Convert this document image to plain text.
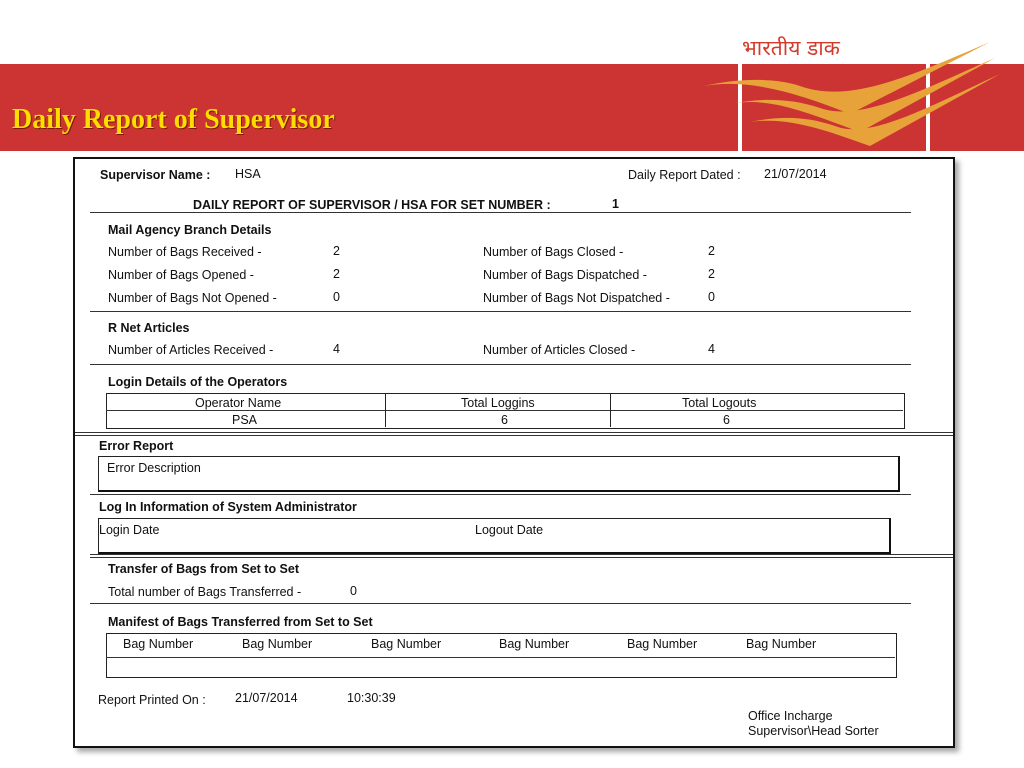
Daily Report of Supervisor
भारतीय डाक
Supervisor Name : HSA	Daily Report Dated : 21/07/2014
DAILY REPORT OF SUPERVISOR / HSA FOR SET NUMBER :	1
Mail Agency Branch Details
Number of Bags Received -	2	Number of Bags Closed -	2
Number of Bags Opened -	2	Number of Bags Dispatched -	2
Number of Bags Not Opened -	0	Number of Bags Not Dispatched -	0
R Net Articles
Number of Articles Received -	4	Number of Articles Closed -	4
Login Details of the Operators
Operator Name	Total Loggins	Total Logouts
PSA	6	6
Error Report
Error Description
Log In Information of System Administrator
Login Date	Logout Date
Transfer of Bags from Set to Set
Total number of Bags Transferred -	0
Manifest of Bags Transferred from Set to Set
Bag Number	Bag Number	Bag Number	Bag Number	Bag Number	Bag Number
Report Printed On : 21/07/2014	10:30:39
Office Incharge
Supervisor\Head Sorter
